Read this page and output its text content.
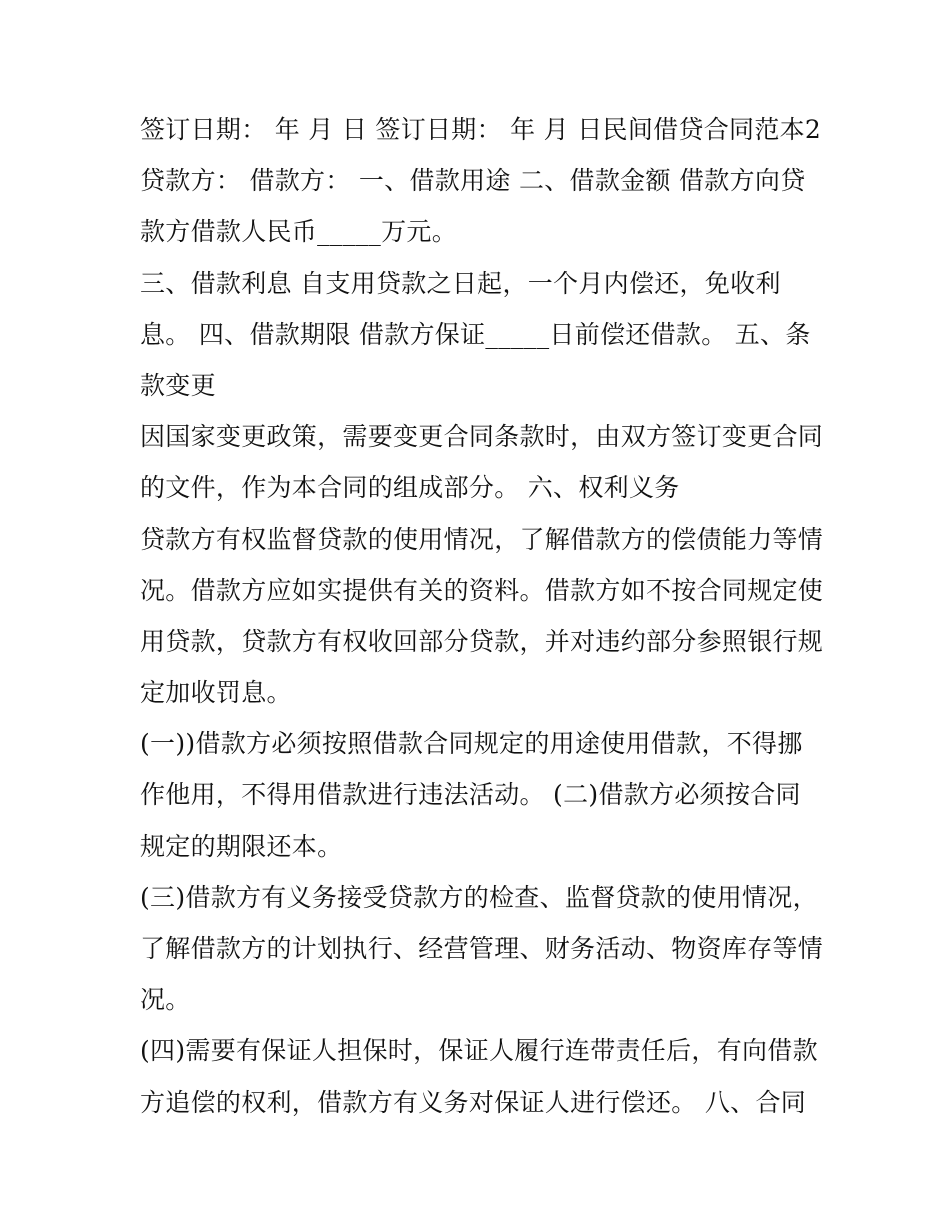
签订日期： 年 月 日 签订日期： 年 月 日民间借贷合同范本2
贷款方： 借款方： 一、借款用途 二、借款金额 借款方向贷
款方借款人民币_____万元。
三、借款利息 自支用贷款之日起，一个月内偿还，免收利
息。 四、借款期限 借款方保证_____日前偿还借款。 五、条
款变更
因国家变更政策，需要变更合同条款时，由双方签订变更合同
的文件，作为本合同的组成部分。 六、权利义务
贷款方有权监督贷款的使用情况，了解借款方的偿债能力等情
况。借款方应如实提供有关的资料。借款方如不按合同规定使
用贷款，贷款方有权收回部分贷款，并对违约部分参照银行规
定加收罚息。
(一))借款方必须按照借款合同规定的用途使用借款，不得挪
作他用，不得用借款进行违法活动。 (二)借款方必须按合同
规定的期限还本。
(三)借款方有义务接受贷款方的检查、监督贷款的使用情况，
了解借款方的计划执行、经营管理、财务活动、物资库存等情
况。
(四)需要有保证人担保时，保证人履行连带责任后，有向借款
方追偿的权利，借款方有义务对保证人进行偿还。 八、合同
